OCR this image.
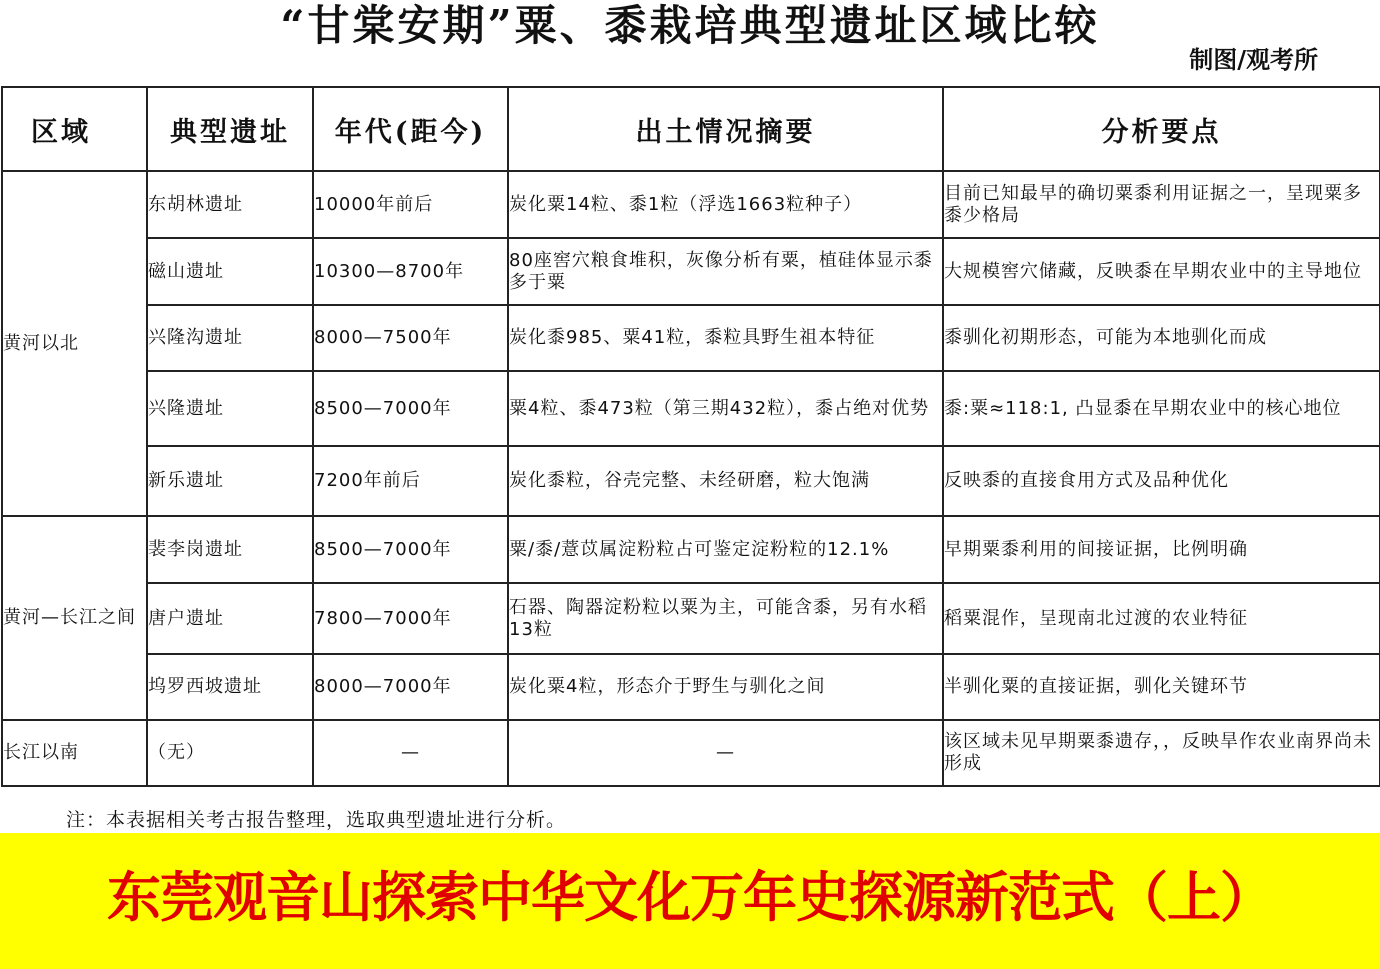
“甘棠安期”粟、黍栽培典型遗址区域比较
制图/观考所
区域	典型遗址	年代(距今)	出土情况摘要	分析要点
黄河以北	东胡林遗址	10000年前后	炭化粟14粒、黍1粒（浮选1663粒种子）	目前已知最早的确切粟黍利用证据之一，呈现粟多黍少格局
	磁山遗址	10300—8700年	80座窖穴粮食堆积，灰像分析有粟，植硅体显示黍多于粟	大规模窖穴储藏，反映黍在早期农业中的主导地位
	兴隆沟遗址	8000—7500年	炭化黍985、粟41粒，黍粒具野生祖本特征	黍驯化初期形态，可能为本地驯化而成
	兴隆遗址	8500—7000年	粟4粒、黍473粒（第三期432粒），黍占绝对优势	黍:粟≈118:1, 凸显黍在早期农业中的核心地位
	新乐遗址	7200年前后	炭化黍粒，谷壳完整、未经研磨，粒大饱满	反映黍的直接食用方式及品种优化
黄河—长江之间	裴李岗遗址	8500—7000年	粟/黍/薏苡属淀粉粒占可鉴定淀粉粒的12.1%	早期粟黍利用的间接证据，比例明确
	唐户遗址	7800—7000年	石器、陶器淀粉粒以粟为主，可能含黍，另有水稻13粒	稻粟混作，呈现南北过渡的农业特征
	坞罗西坡遗址	8000—7000年	炭化粟4粒，形态介于野生与驯化之间	半驯化粟的直接证据，驯化关键环节
长江以南	（无）	—	—	该区域未见早期粟黍遗存，，反映旱作农业南界尚未形成
注：本表据相关考古报告整理，选取典型遗址进行分析。
东莞观音山探索中华文化万年史探源新范式（上）
